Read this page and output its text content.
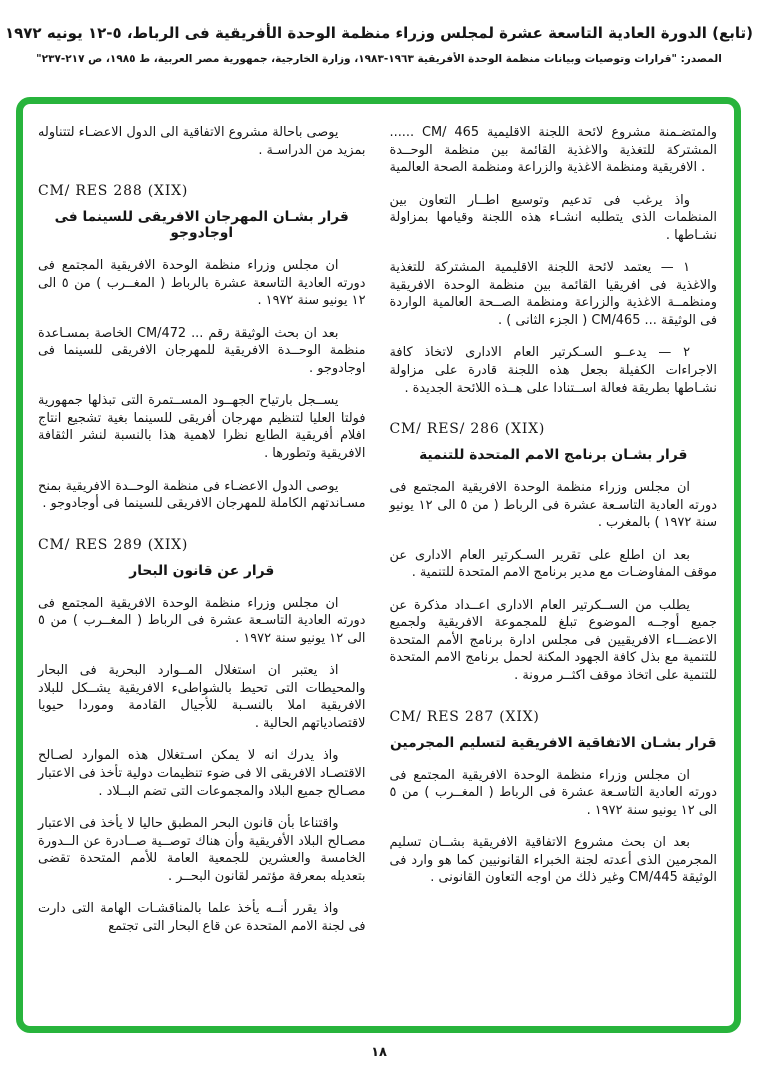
(تابع) الدورة العادية التاسعة عشرة لمجلس وزراء منظمة الوحدة الأفريقية فى الرباط، ٥-١٢ يونيه ١٩٧٢
المصدر: "قرارات وتوصيات وبيانات منظمة الوحدة الأفريقية ١٩٦٣-١٩٨٣، وزارة الخارجية، جمهورية مصر العربية، ط ١٩٨٥، ص ٢١٧-٢٣٧"

...... CM/ 465 والمتضـمنة مشروع لائحة اللجنة الاقليمية المشتركة للتغذية والاغذية القائمة بين منظمة الوحــدة الافريقية ومنظمة الاغذية والزراعة ومنظمة الصحة العالمية .

واذ يرغب فى تدعيم وتوسيع اطــار التعاون بين المنظمات الذى يتطلبه انشـاء هذه اللجنة وقيامها بمزاولة نشـاطها .

١ — يعتمد لائحة اللجنة الاقليمية المشتركة للتغذية والاغذية فى افريقيا القائمة بين منظمة الوحدة الافريقية ومنظمــة الاغذية والزراعة ومنظمة الصــحة العالمية الواردة فى الوثيقة ... CM/465 ( الجزء الثانى ) .

٢ — يدعــو السـكرتير العام الادارى لاتخاذ كافة الاجراءات الكفيلة بجعل هذه اللجنة قادرة على مزاولة نشـاطها بطريقة فعالة اســتنادا على هــذه اللائحة الجديدة .

CM/ RES/ 286 (XIX)

قرار بشـان برنامج الامم المتحدة للتنمية

ان مجلس وزراء منظمة الوحدة الافريقية المجتمع فى دورته العادية التاسـعة عشرة فى الرباط ( من ٥ الى ١٢ يونيو سنة ١٩٧٢ ) بالمغرب .

بعد ان اطلع على تقرير السـكرتير العام الادارى عن موقف المفاوضـات مع مدير برنامج الامم المتحدة للتنمية .

يطلب من الســكرتير العام الادارى اعــداد مذكرة عن جميع أوجــه الموضوع تبلغ للمجموعة الافريقية ولجميع الاعضـــاء الافريقيين فى مجلس ادارة برنامج الأمم المتحدة للتنمية مع بذل كافة الجهود المكنة لحمل برنامج الامم المتحدة للتنمية على اتخاذ موقف اكثــر مرونة .

CM/ RES 287 (XIX)

قرار بشـان الاتفاقية الافريقية لتسليم المجرمين

ان مجلس وزراء منظمة الوحدة الافريقية المجتمع فى دورته العادية التاسـعة عشرة فى الرباط ( المغــرب ) من ٥ الى ١٢ يونيو سنة ١٩٧٢ .

بعد ان بحث مشروع الاتفاقية الافريقية بشــان تسليم المجرمين الذى أعدته لجنة الخبراء القانونيين كما هو وارد فى الوثيقة CM/445 وغير ذلك من اوجه التعاون القانونى .

يوصى باحالة مشروع الاتفاقية الى الدول الاعضـاء لتتناوله بمزيد من الدراسـة .

CM/ RES 288 (XIX)

قرار بشـان المهرجان الافريقى للسينما فى اوجادوجو

ان مجلس وزراء منظمة الوحدة الافريقية المجتمع فى دورته العادية التاسعة عشرة بالرباط ( المغــرب ) من ٥ الى ١٢ يونيو سنة ١٩٧٢ .

بعد ان بحث الوثيقة رقم ... CM/472 الخاصة بمسـاعدة منظمة الوحــدة الافريقية للمهرجان الافريقى للسينما فى اوجادوجو .

يســجل بارتياح الجهــود المســتمرة التى تبذلها جمهورية فولتا العليا لتنظيم مهرجان أفريقى للسينما بغية تشجيع انتاج افلام أفريقية الطابع نظرا لاهمية هذا بالنسبة لنشر الثقافة الافريقية وتطورها .

يوصى الدول الاعضـاء فى منظمة الوحــدة الافريقية بمنح مسـاندتهم الكاملة للمهرجان الافريقى للسينما فى أوجادوجو .

CM/ RES 289 (XIX)

قرار عن قانون البحار

ان مجلس وزراء منظمة الوحدة الافريقية المجتمع فى دورته العادية التاسـعة عشرة فى الرباط ( المغــرب ) من ٥ الى ١٢ يونيو سنة ١٩٧٢ .

اذ يعتبر ان استغلال المــوارد البحرية فى البحار والمحيطات التى تحيط بالشواطىء الافريقية يشــكل للبلاد الافريقية املا بالنسـبة للأجيال القادمة وموردا حيويا لاقتصادياتهم الحالية .

واذ يدرك انه لا يمكن اسـتغلال هذه الموارد لصـالح الاقتصـاد الافريقى الا فى ضوء تنظيمات دولية تأخذ فى الاعتبار مصـالح جميع البلاد والمجموعات التى تضم البــلاد .

واقتناعا بأن قانون البحر المطبق حاليا لا يأخذ فى الاعتبار مصـالح البلاد الأفريقية وأن هناك توصــية صــادرة عن الــدورة الخامسة والعشرين للجمعية العامة للأمم المتحدة تقضى بتعديله بمعرفة مؤتمر لقانون البحــر .

واذ يقرر أنــه يأخذ علما بالمناقشـات الهامة التى دارت فى لجنة الامم المتحدة عن قاع البحار التى تجتمع

١٨
